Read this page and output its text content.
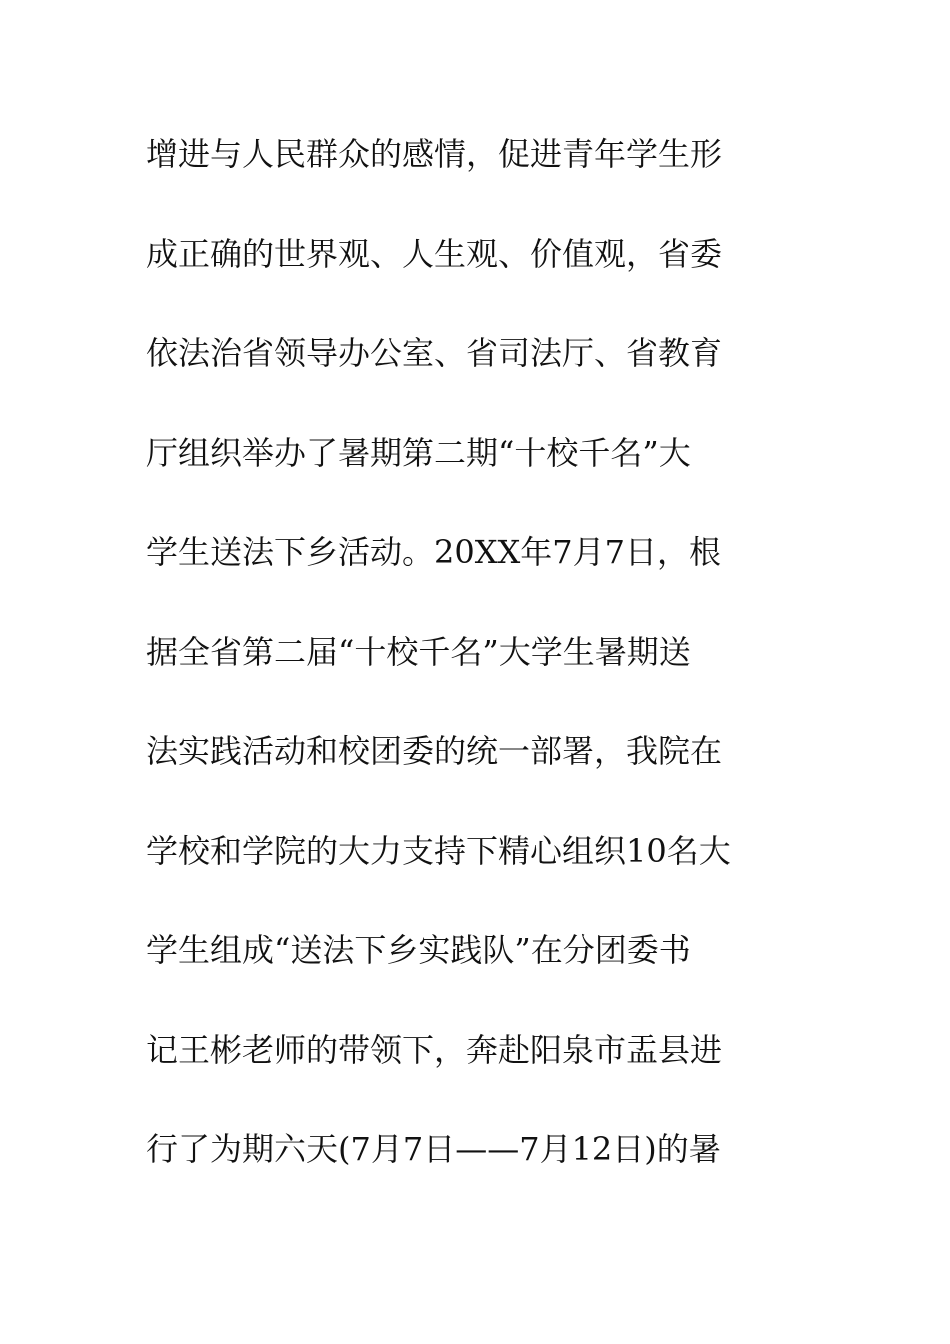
增进与人民群众的感情，促进青年学生形
成正确的世界观、人生观、价值观，省委
依法治省领导办公室、省司法厅、省教育
厅组织举办了暑期第二期“十校千名”大
学生送法下乡活动。20XX年7月7日，根
据全省第二届“十校千名”大学生暑期送
法实践活动和校团委的统一部署，我院在
学校和学院的大力支持下精心组织10名大
学生组成“送法下乡实践队”在分团委书
记王彬老师的带领下，奔赴阳泉市盂县进
行了为期六天(7月7日——7月12日)的暑
